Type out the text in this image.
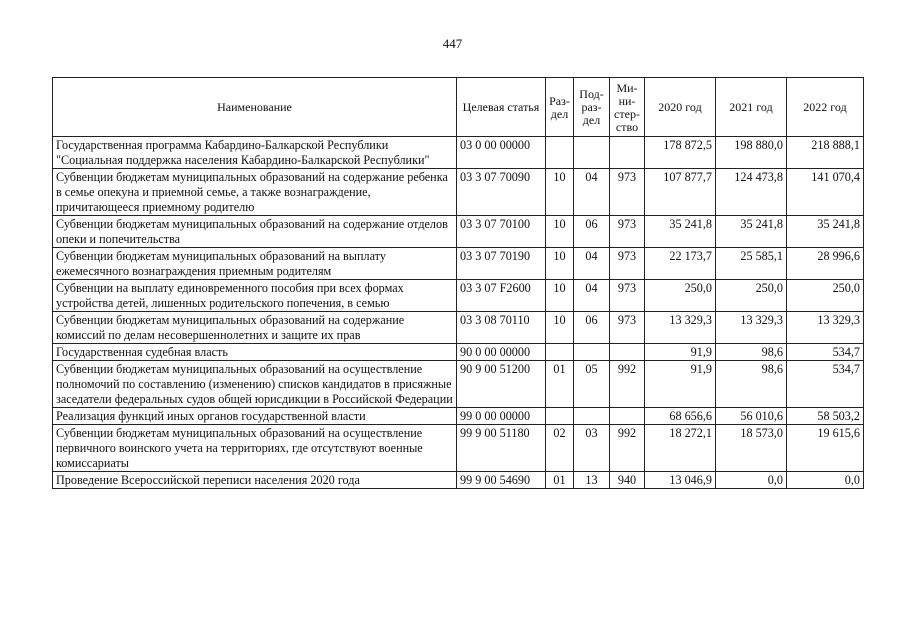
447
Наименование	Целевая статья	Раз-дел	Под-раз-дел	Ми-ни-стер-ство	2020 год	2021 год	2022 год
Государственная программа Кабардино-Балкарской Республики "Социальная поддержка населения Кабардино-Балкарской Республики"	03 0 00 00000				178 872,5	198 880,0	218 888,1
Субвенции бюджетам муниципальных образований на содержание ребенка в семье опекуна и приемной семье, а также вознаграждение, причитающееся приемному родителю	03 3 07 70090	10	04	973	107 877,7	124 473,8	141 070,4
Субвенции бюджетам муниципальных образований на содержание отделов опеки и попечительства	03 3 07 70100	10	06	973	35 241,8	35 241,8	35 241,8
Субвенции бюджетам муниципальных образований на выплату ежемесячного вознаграждения приемным родителям	03 3 07 70190	10	04	973	22 173,7	25 585,1	28 996,6
Субвенции на выплату единовременного пособия при всех формах устройства детей, лишенных родительского попечения, в семью	03 3 07 F2600	10	04	973	250,0	250,0	250,0
Субвенции бюджетам муниципальных образований на содержание комиссий по делам несовершеннолетних и защите их прав	03 3 08 70110	10	06	973	13 329,3	13 329,3	13 329,3
Государственная судебная власть	90 0 00 00000				91,9	98,6	534,7
Субвенции бюджетам муниципальных образований на осуществление полномочий по составлению (изменению) списков кандидатов в присяжные заседатели федеральных судов общей юрисдикции в Российской Федерации	90 9 00 51200	01	05	992	91,9	98,6	534,7
Реализация функций иных органов государственной власти	99 0 00 00000				68 656,6	56 010,6	58 503,2
Субвенции бюджетам муниципальных образований на осуществление первичного воинского учета на территориях, где отсутствуют военные комиссариаты	99 9 00 51180	02	03	992	18 272,1	18 573,0	19 615,6
Проведение Всероссийской переписи населения 2020 года	99 9 00 54690	01	13	940	13 046,9	0,0	0,0
